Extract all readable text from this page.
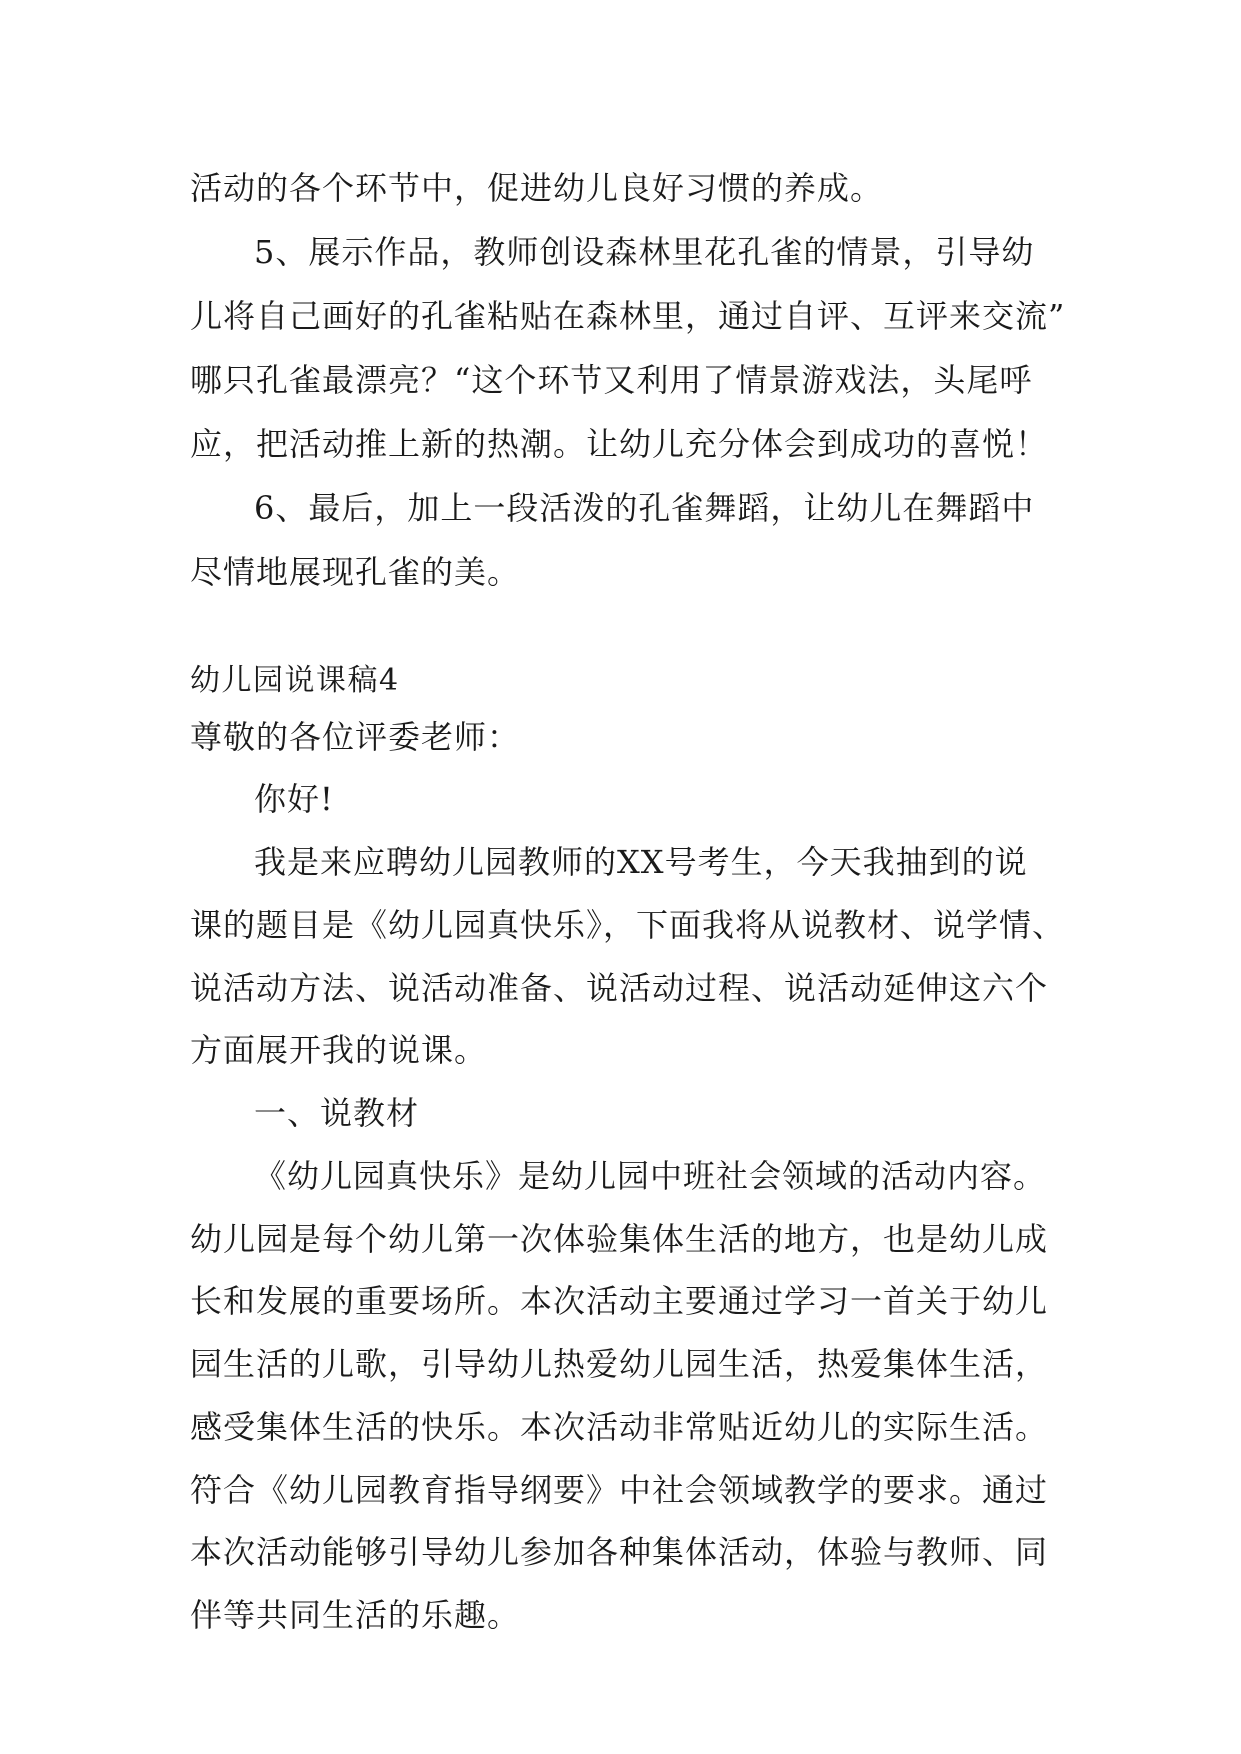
活动的各个环节中，促进幼儿良好习惯的养成。
5、展示作品，教师创设森林里花孔雀的情景，引导幼
儿将自己画好的孔雀粘贴在森林里，通过自评、互评来交流”
哪只孔雀最漂亮？“这个环节又利用了情景游戏法，头尾呼
应，把活动推上新的热潮。让幼儿充分体会到成功的喜悦！
6、最后，加上一段活泼的孔雀舞蹈，让幼儿在舞蹈中
尽情地展现孔雀的美。
幼儿园说课稿4
尊敬的各位评委老师：
你好!
我是来应聘幼儿园教师的XX号考生，今天我抽到的说
课的题目是《幼儿园真快乐》，下面我将从说教材、说学情、
说活动方法、说活动准备、说活动过程、说活动延伸这六个
方面展开我的说课。
一、说教材
《幼儿园真快乐》是幼儿园中班社会领域的活动内容。
幼儿园是每个幼儿第一次体验集体生活的地方，也是幼儿成
长和发展的重要场所。本次活动主要通过学习一首关于幼儿
园生活的儿歌，引导幼儿热爱幼儿园生活，热爱集体生活，
感受集体生活的快乐。本次活动非常贴近幼儿的实际生活。
符合《幼儿园教育指导纲要》中社会领域教学的要求。通过
本次活动能够引导幼儿参加各种集体活动，体验与教师、同
伴等共同生活的乐趣。
